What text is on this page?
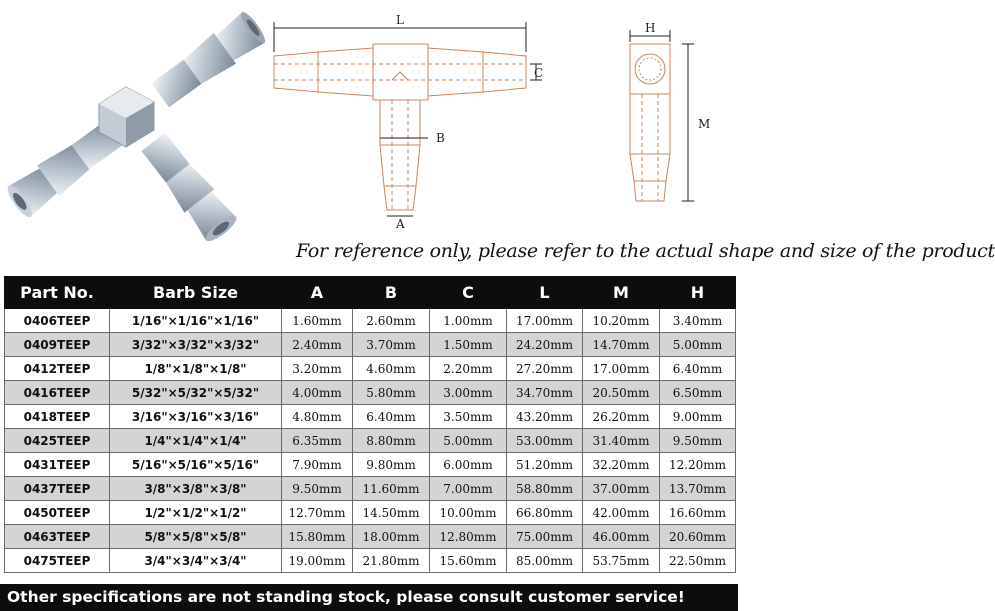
L
C
B
A
H
M
For reference only, please refer to the actual shape and size of the product
Part No.	Barb Size	A	B	C	L	M	H
0406TEEP	1/16"×1/16"×1/16"	1.60mm	2.60mm	1.00mm	17.00mm	10.20mm	3.40mm
0409TEEP	3/32"×3/32"×3/32"	2.40mm	3.70mm	1.50mm	24.20mm	14.70mm	5.00mm
0412TEEP	1/8"×1/8"×1/8"	3.20mm	4.60mm	2.20mm	27.20mm	17.00mm	6.40mm
0416TEEP	5/32"×5/32"×5/32"	4.00mm	5.80mm	3.00mm	34.70mm	20.50mm	6.50mm
0418TEEP	3/16"×3/16"×3/16"	4.80mm	6.40mm	3.50mm	43.20mm	26.20mm	9.00mm
0425TEEP	1/4"×1/4"×1/4"	6.35mm	8.80mm	5.00mm	53.00mm	31.40mm	9.50mm
0431TEEP	5/16"×5/16"×5/16"	7.90mm	9.80mm	6.00mm	51.20mm	32.20mm	12.20mm
0437TEEP	3/8"×3/8"×3/8"	9.50mm	11.60mm	7.00mm	58.80mm	37.00mm	13.70mm
0450TEEP	1/2"×1/2"×1/2"	12.70mm	14.50mm	10.00mm	66.80mm	42.00mm	16.60mm
0463TEEP	5/8"×5/8"×5/8"	15.80mm	18.00mm	12.80mm	75.00mm	46.00mm	20.60mm
0475TEEP	3/4"×3/4"×3/4"	19.00mm	21.80mm	15.60mm	85.00mm	53.75mm	22.50mm
Other specifications are not standing stock, please consult customer service!
